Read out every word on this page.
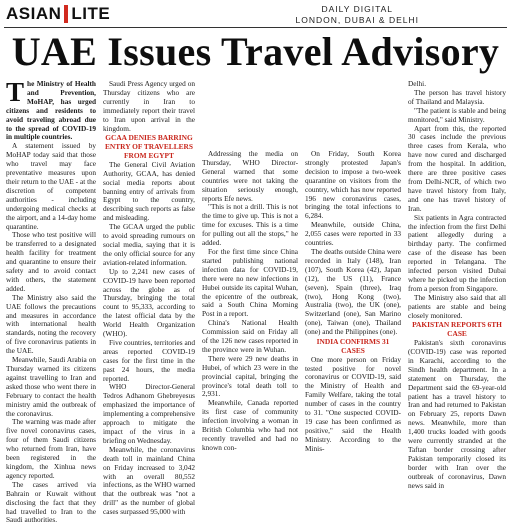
ASIAN LITE	DAILY DIGITAL
LONDON, DUBAI & DELHI
UAE Issues Travel Advisory

The Ministry of Health and Prevention, MoHAP, has urged citizens and residents to avoid traveling abroad due to the spread of COVID-19 in multiple countries.

A statement issued by MoHAP today said that those who travel may face preventative measures upon their return to the UAE - at the discretion of competent authorities - including undergoing medical checks at the airport, and a 14-day home quarantine.

Those who test positive will be transferred to a designated health facility for treatment and quarantine to ensure their safety and to avoid contact with others, the statement added.

The Ministry also said the UAE follows the precautions and measures in accordance with international health standards, noting the recovery of five coronavirus patients in the UAE.

Meanwhile, Saudi Arabia on Thursday warned its citizens against travelling to Iran and asked those who went there in February to contact the health ministry amid the outbreak of the coronavirus.

The warning was made after five novel coronavirus cases, four of them Saudi citizens who returned from Iran, have been registered in the kingdom, the Xinhua news agency reported.

The cases arrived via Bahrain or Kuwait without disclosing the fact that they had travelled to Iran to the Saudi authorities.

Saudi Press Agency urged on Thursday citizens who are currently in Iran to immediately report their travel to Iran upon arrival in the kingdom.

GCAA DENIES BARRING ENTRY OF TRAVELLERS FROM EGYPT

The General Civil Aviation Authority, GCAA, has denied social media reports about banning entry of arrivals from Egypt to the country, describing such reports as false and misleading.

The GCAA urged the public to avoid spreading rumours on social media, saying that it is the only official source for any aviation-related information.

Up to 2,241 new cases of COVID-19 have been reported across the globe as of Thursday, bringing the total count to 95,333, according to the latest official data by the World Health Organization (WHO).

Five countries, territories and areas reported COVID-19 cases for the first time in the past 24 hours, the media reported.

WHO Director-General Tedros Adhanom Ghebreyesus emphasized the importance of implementing a comprehensive approach to mitigate the impact of the virus in a briefing on Wednesday.

Meanwhile, the coronavirus death toll in mainland China on Friday increased to 3,042 with an overall 80,552 infections, as the WHO warned that the outbreak was "not a drill" as the number of global cases surpassed 95,000 with

Addressing the media on Thursday, WHO Director-General warned that some countries were not taking the situation seriously enough, reports Efe news.

"This is not a drill. This is not the time to give up. This is not a time for excuses. This is a time for pulling out all the stops," he added.

For the first time since China started publishing national infection data for COVID-19, there were no new infections in Hubei outside its capital Wuhan, the epicentre of the outbreak, said a South China Morning Post in a report.

China's National Health Commission said on Friday all of the 126 new cases reported in the province were in Wuhan.

There were 29 new deaths in Hubei, of which 23 were in the provincial capital, bringing the province's total death toll to 2,931.

Meanwhile, Canada reported its first case of community infection involving a woman in British Columbia who had not recently travelled and had no known con-

On Friday, South Korea strongly protested Japan's decision to impose a two-week quarantine on visitors from the country, which has now reported 196 new coronavirus cases, bringing the total infections to 6,284.

Meanwhile, outside China, 2,055 cases were reported in 33 countries.

The deaths outside China were recorded in Italy (148), Iran (107), South Korea (42), Japan (12), the US (11), France (seven), Spain (three), Iraq (two), Hong Kong (two), Australia (two), the UK (one), Switzerland (one), San Marino (one), Taiwan (one), Thailand (one) and the Philippines (one).

INDIA CONFIRMS 31 CASES

One more person on Friday tested positive for novel coronavirus or COVID-19, said the Ministry of Health and Family Welfare, taking the total number of cases in the country to 31. "One suspected COVID-19 case has been confirmed as positive," said the Health Ministry. According to the Minis-

Delhi.

The person has travel history of Thailand and Malaysia.

"The patient is stable and being monitored," said Ministry.

Apart from this, the reported 30 cases include the previous three cases from Kerala, who have now cured and discharged from the hospital. In addition, there are three positive cases from Delhi-NCR, of which two have travel history from Italy, and one has travel history of Iran.

Six patients in Agra contracted the infection from the first Delhi patient allegedly during a birthday party. The confirmed case of the disease has been reported in Telangana. The infected person visited Dubai where he picked up the infection from a person from Singapore.

The Ministry also said that all patients are stable and being closely monitored.

PAKISTAN REPORTS 6TH CASE

Pakistan's sixth coronavirus (COVID-19) case was reported in Karachi, according to the Sindh health department. In a statement on Thursday, the Department said the 69-year-old patient has a travel history to Iran and had returned to Pakistan on February 25, reports Dawn news. Meanwhile, more than 1,400 trucks loaded with goods were currently stranded at the Taftan border crossing after Pakistan temporarily closed its border with Iran over the outbreak of coronavirus, Dawn news said in
